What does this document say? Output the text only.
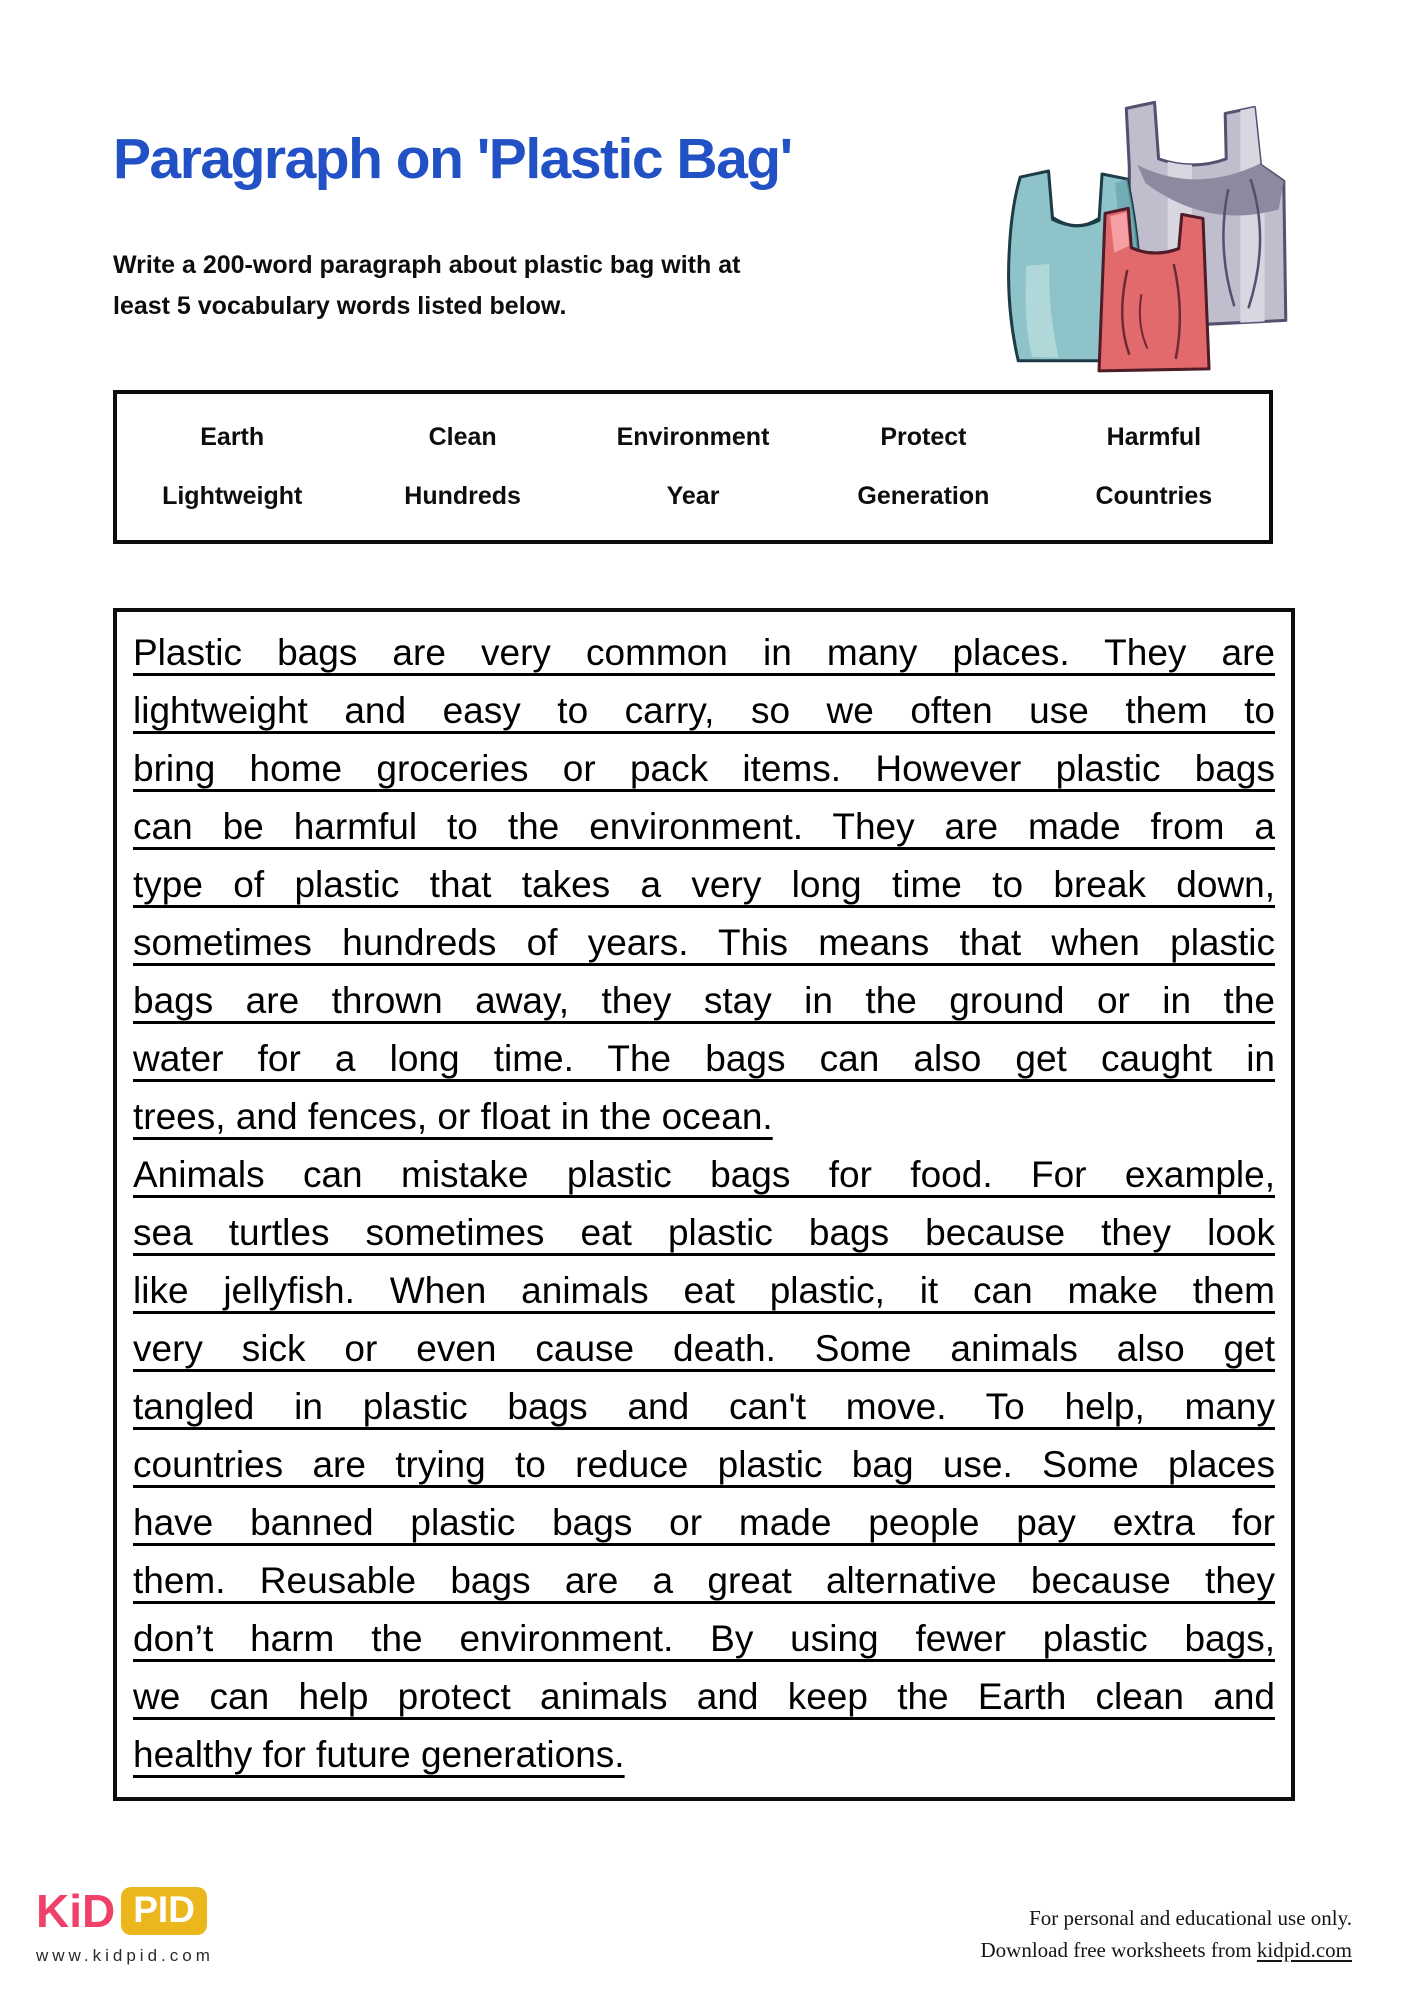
Paragraph on 'Plastic Bag'
Write a 200-word paragraph about plastic bag with at
least 5 vocabulary words listed below.
Earth	Clean	Environment	Protect	Harmful
Lightweight	Hundreds	Year	Generation	Countries
Plastic bags are very common in many places. They are
lightweight and easy to carry, so we often use them to
bring home groceries or pack items. However plastic bags
can be harmful to the environment. They are made from a
type of plastic that takes a very long time to break down,
sometimes hundreds of years. This means that when plastic
bags are thrown away, they stay in the ground or in the
water for a long time. The bags can also get caught in
trees, and fences, or float in the ocean.
Animals can mistake plastic bags for food. For example,
sea turtles sometimes eat plastic bags because they look
like jellyfish. When animals eat plastic, it can make them
very sick or even cause death. Some animals also get
tangled in plastic bags and can't move. To help, many
countries are trying to reduce plastic bag use. Some places
have banned plastic bags or made people pay extra for
them. Reusable bags are a great alternative because they
don’t harm the environment. By using fewer plastic bags,
we can help protect animals and keep the Earth clean and
healthy for future generations.
KiD PID
www.kidpid.com
For personal and educational use only.
Download free worksheets from kidpid.com
